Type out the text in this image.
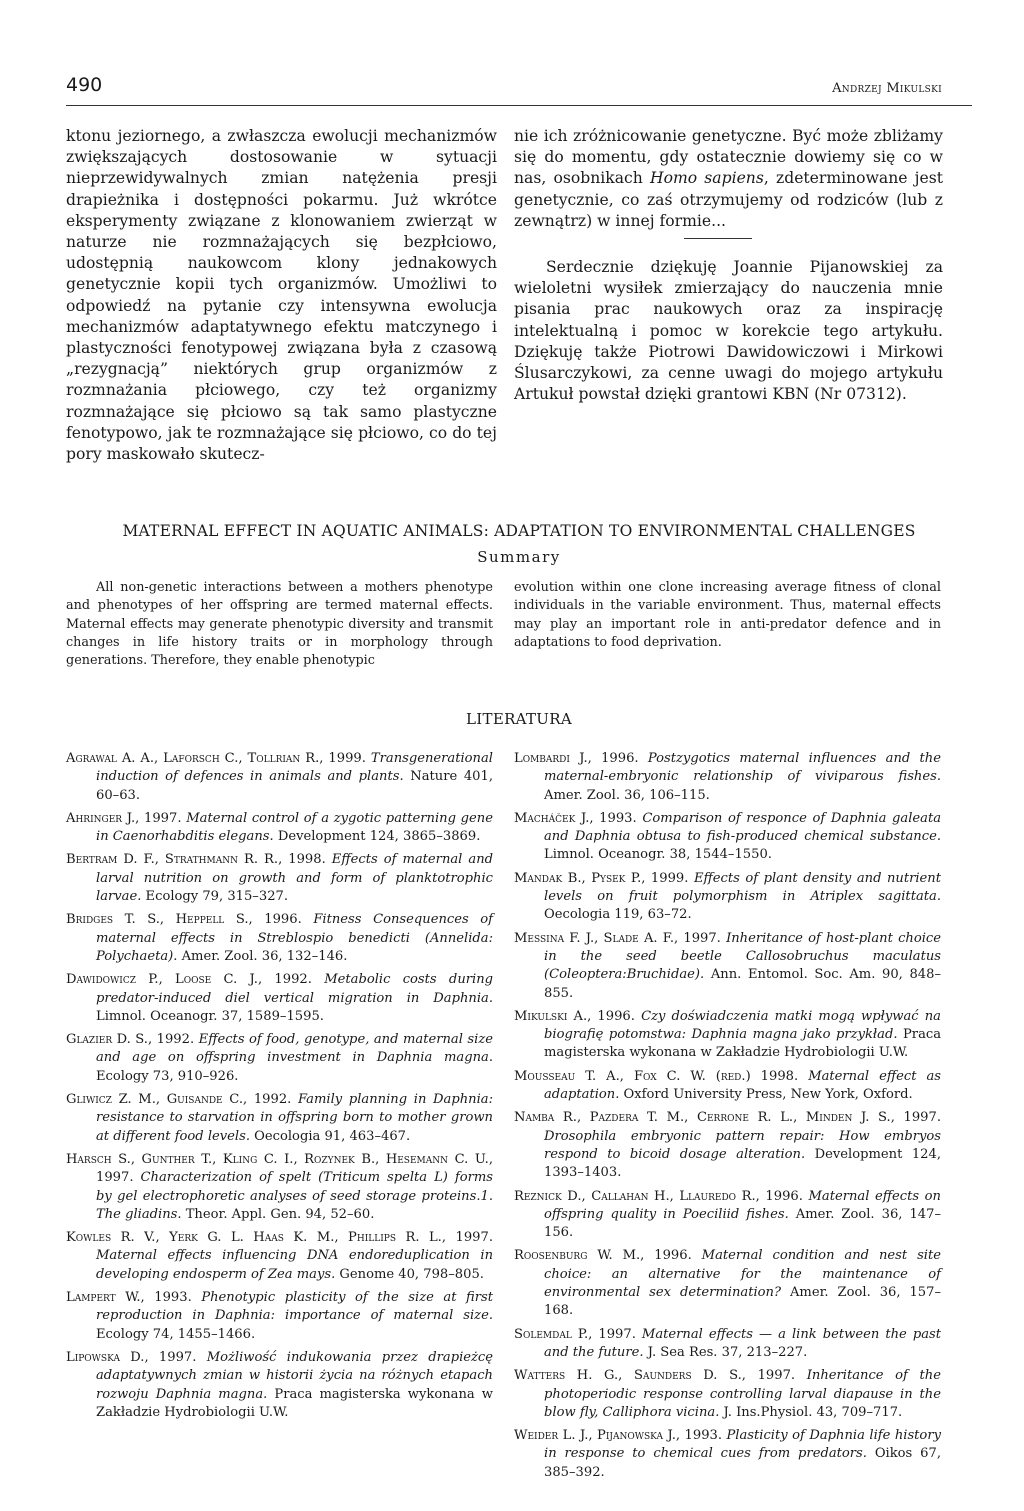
490	Andrzej Mikulski

ktonu jeziornego, a zwłaszcza ewolucji mechanizmów zwiększających dostosowanie w sytuacji nieprzewidywalnych zmian natężenia presji drapieżnika i dostępności pokarmu. Już wkrótce eksperymenty związane z klonowaniem zwierząt w naturze nie rozmnażających się bezpłciowo, udostępnią naukowcom klony jednakowych genetycznie kopii tych organizmów. Umożliwi to odpowiedź na pytanie czy intensywna ewolucja mechanizmów adaptatywnego efektu matczynego i plastyczności fenotypowej związana była z czasową „rezygnacją” niektórych grup organizmów z rozmnażania płciowego, czy też organizmy rozmnażające się płciowo są tak samo plastyczne fenotypowo, jak te rozmnażające się płciowo, co do tej pory maskowało skutecz-

nie ich zróżnicowanie genetyczne. Być może zbliżamy się do momentu, gdy ostatecznie dowiemy się co w nas, osobnikach Homo sapiens, zdeterminowane jest genetycznie, co zaś otrzymujemy od rodziców (lub z zewnątrz) w innej formie...

Serdecznie dziękuję Joannie Pijanowskiej za wieloletni wysiłek zmierzający do nauczenia mnie pisania prac naukowych oraz za inspirację intelektualną i pomoc w korekcie tego artykułu. Dziękuję także Piotrowi Dawidowiczowi i Mirkowi Ślusarczykowi, za cenne uwagi do mojego artykułu Artukuł powstał dzięki grantowi KBN (Nr 07312).

MATERNAL EFFECT IN AQUATIC ANIMALS: ADAPTATION TO ENVIRONMENTAL CHALLENGES
Summary

All non-genetic interactions between a mothers phenotype and phenotypes of her offspring are termed maternal effects. Maternal effects may generate phenotypic diversity and transmit changes in life history traits or in morphology through generations. Therefore, they enable phenotypic

evolution within one clone increasing average fitness of clonal individuals in the variable environment. Thus, maternal effects may play an important role in anti-predator defence and in adaptations to food deprivation.

LITERATURA

Agrawal A. A., Laforsch C., Tollrian R., 1999. Transgenerational induction of defences in animals and plants. Nature 401, 60–63.

Ahringer J., 1997. Maternal control of a zygotic patterning gene in Caenorhabditis elegans. Development 124, 3865–3869.

Bertram D. F., Strathmann R. R., 1998. Effects of maternal and larval nutrition on growth and form of planktotrophic larvae. Ecology 79, 315–327.

Bridges T. S., Heppell S., 1996. Fitness Consequences of maternal effects in Streblospio benedicti (Annelida: Polychaeta). Amer. Zool. 36, 132–146.

Dawidowicz P., Loose C. J., 1992. Metabolic costs during predator-induced diel vertical migration in Daphnia. Limnol. Oceanogr. 37, 1589–1595.

Glazier D. S., 1992. Effects of food, genotype, and maternal size and age on offspring investment in Daphnia magna. Ecology 73, 910–926.

Gliwicz Z. M., Guisande C., 1992. Family planning in Daphnia: resistance to starvation in offspring born to mother grown at different food levels. Oecologia 91, 463–467.

Harsch S., Gunther T., Kling C. I., Rozynek B., Hesemann C. U., 1997. Characterization of spelt (Triticum spelta L) forms by gel electrophoretic analyses of seed storage proteins.1. The gliadins. Theor. Appl. Gen. 94, 52–60.

Kowles R. V., Yerk G. L. Haas K. M., Phillips R. L., 1997. Maternal effects influencing DNA endoreduplication in developing endosperm of Zea mays. Genome 40, 798–805.

Lampert W., 1993. Phenotypic plasticity of the size at first reproduction in Daphnia: importance of maternal size. Ecology 74, 1455–1466.

Lipowska D., 1997. Możliwość indukowania przez drapieżcę adaptatywnych zmian w historii życia na różnych etapach rozwoju Daphnia magna. Praca magisterska wykonana w Zakładzie Hydrobiologii U.W.

Lombardi J., 1996. Postzygotics maternal influences and the maternal-embryonic relationship of viviparous fishes. Amer. Zool. 36, 106–115.

Macháček J., 1993. Comparison of responce of Daphnia galeata and Daphnia obtusa to fish-produced chemical substance. Limnol. Oceanogr. 38, 1544–1550.

Mandak B., Pysek P., 1999. Effects of plant density and nutrient levels on fruit polymorphism in Atriplex sagittata. Oecologia 119, 63–72.

Messina F. J., Slade A. F., 1997. Inheritance of host-plant choice in the seed beetle Callosobruchus maculatus (Coleoptera:Bruchidae). Ann. Entomol. Soc. Am. 90, 848–855.

Mikulski A., 1996. Czy doświadczenia matki mogą wpływać na biografię potomstwa: Daphnia magna jako przykład. Praca magisterska wykonana w Zakładzie Hydrobiologii U.W.

Mousseau T. A., Fox C. W. (red.) 1998. Maternal effect as adaptation. Oxford University Press, New York, Oxford.

Namba R., Pazdera T. M., Cerrone R. L., Minden J. S., 1997. Drosophila embryonic pattern repair: How embryos respond to bicoid dosage alteration. Development 124, 1393–1403.

Reznick D., Callahan H., Llauredo R., 1996. Maternal effects on offspring quality in Poeciliid fishes. Amer. Zool. 36, 147–156.

Roosenburg W. M., 1996. Maternal condition and nest site choice: an alternative for the maintenance of environmental sex determination? Amer. Zool. 36, 157–168.

Solemdal P., 1997. Maternal effects — a link between the past and the future. J. Sea Res. 37, 213–227.

Watters H. G., Saunders D. S., 1997. Inheritance of the photoperiodic response controlling larval diapause in the blow fly, Calliphora vicina. J. Ins.Physiol. 43, 709–717.

Weider L. J., Pijanowska J., 1993. Plasticity of Daphnia life history in response to chemical cues from predators. Oikos 67, 385–392.
